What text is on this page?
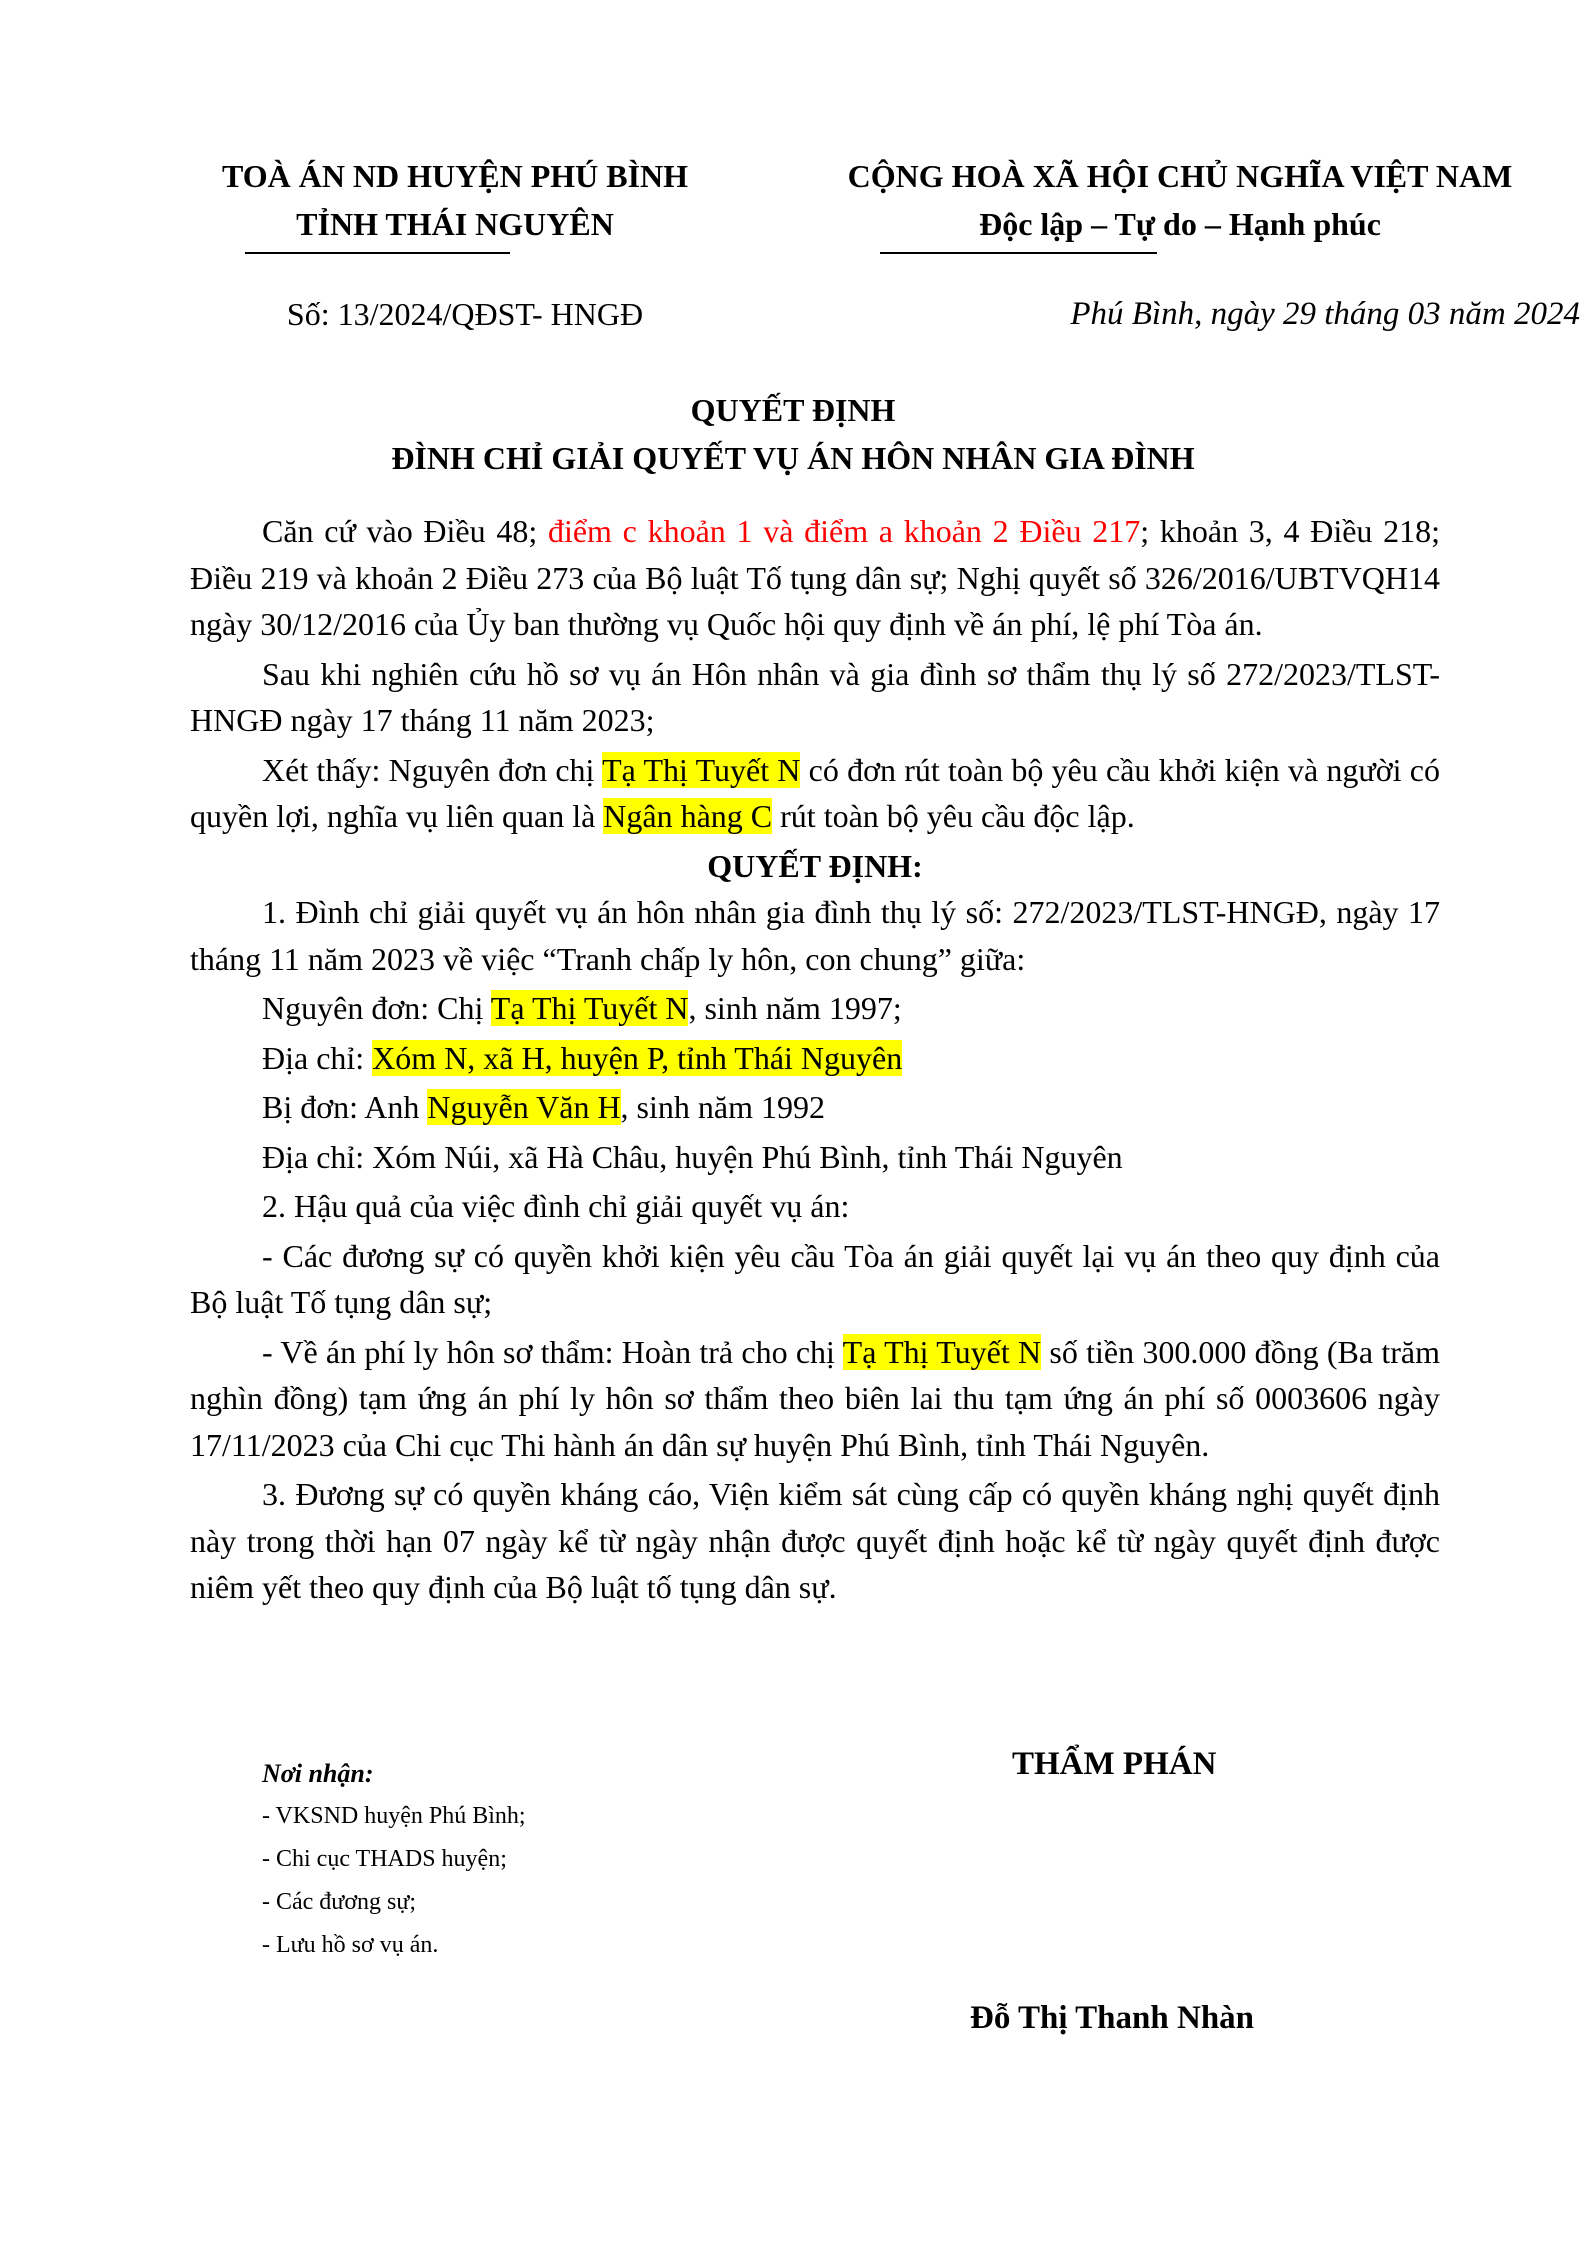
TOÀ ÁN ND HUYỆN PHÚ BÌNH
TỈNH THÁI NGUYÊN
Số: 13/2024/QĐST- HNGĐ
CỘNG HOÀ XÃ HỘI CHỦ NGHĨA VIỆT NAM
Độc lập – Tự do – Hạnh phúc
Phú Bình, ngày 29 tháng 03 năm 2024
QUYẾT ĐỊNH
ĐÌNH CHỈ GIẢI QUYẾT VỤ ÁN HÔN NHÂN GIA ĐÌNH

Căn cứ vào Điều 48; điểm c khoản 1 và điểm a khoản 2 Điều 217; khoản 3, 4 Điều 218; Điều 219 và khoản 2 Điều 273 của Bộ luật Tố tụng dân sự; Nghị quyết số 326/2016/UBTVQH14 ngày 30/12/2016 của Ủy ban thường vụ Quốc hội quy định về án phí, lệ phí Tòa án.

Sau khi nghiên cứu hồ sơ vụ án Hôn nhân và gia đình sơ thẩm thụ lý số 272/2023/TLST-HNGĐ ngày 17 tháng 11 năm 2023;

Xét thấy: Nguyên đơn chị Tạ Thị Tuyết N có đơn rút toàn bộ yêu cầu khởi kiện và người có quyền lợi, nghĩa vụ liên quan là Ngân hàng C rút toàn bộ yêu cầu độc lập.

QUYẾT ĐỊNH:

1. Đình chỉ giải quyết vụ án hôn nhân gia đình thụ lý số: 272/2023/TLST-HNGĐ, ngày 17 tháng 11 năm 2023 về việc “Tranh chấp ly hôn, con chung” giữa:

Nguyên đơn: Chị Tạ Thị Tuyết N, sinh năm 1997;

Địa chỉ: Xóm N, xã H, huyện P, tỉnh Thái Nguyên

Bị đơn: Anh Nguyễn Văn H, sinh năm 1992

Địa chỉ: Xóm Núi, xã Hà Châu, huyện Phú Bình, tỉnh Thái Nguyên

2. Hậu quả của việc đình chỉ giải quyết vụ án:

- Các đương sự có quyền khởi kiện yêu cầu Tòa án giải quyết lại vụ án theo quy định của Bộ luật Tố tụng dân sự;

- Về án phí ly hôn sơ thẩm: Hoàn trả cho chị Tạ Thị Tuyết N số tiền 300.000 đồng (Ba trăm nghìn đồng) tạm ứng án phí ly hôn sơ thẩm theo biên lai thu tạm ứng án phí số 0003606 ngày 17/11/2023 của Chi cục Thi hành án dân sự huyện Phú Bình, tỉnh Thái Nguyên.

3. Đương sự có quyền kháng cáo, Viện kiểm sát cùng cấp có quyền kháng nghị quyết định này trong thời hạn 07 ngày kể từ ngày nhận được quyết định hoặc kể từ ngày quyết định được niêm yết theo quy định của Bộ luật tố tụng dân sự.

Nơi nhận:
- VKSND huyện Phú Bình;
- Chi cục THADS huyện;
- Các đương sự;
- Lưu hồ sơ vụ án.
THẨM PHÁN
Đỗ Thị Thanh Nhàn
